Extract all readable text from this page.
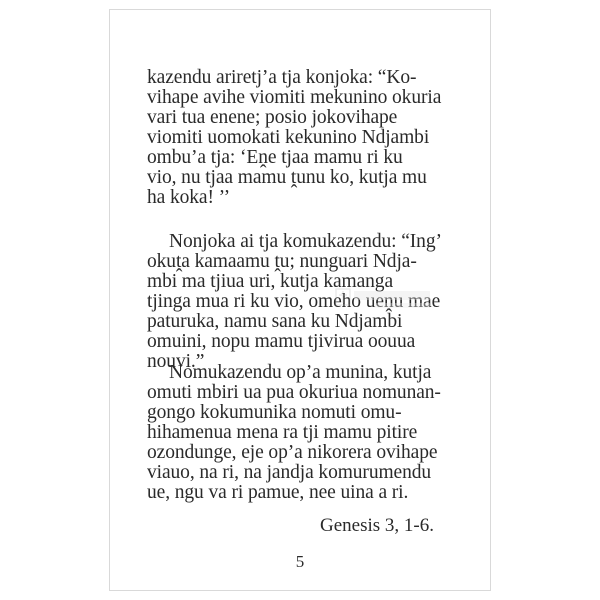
kazendu ariretj’a tja konjoka: “Ko-
vihape avihe viomiti mekunino okuria
vari tua enene; posio jokovihape
viomiti uomokati kekunino Ndjambi
ombu’a tja: ‘Eṋe tjaa mamu ri ku
vio, nu tjaa mamu ṱunu ko, kutja mu
ha koka! ’’

Nonjoka ai tja komukazendu: “Ing’
okuṱa kamaamu ṱu; nunguari Ndja-
mbi ma tjiua uri, kutja kamanga
tjinga mua ri ku vio, omeho ueṋu mae
paturuka, namu sana ku Ndjambi
omuini, nopu mamu tjivirua oouua
nouvi.”

Nomukazendu op’a munina, kutja
omuti mbiri ua pua okuriua nomunan-
gongo kokumunika nomuti omu-
hihamenua mena ra tji mamu pitire
ozondunge, eje op’a nikorera ovihape
viauo, na ri, na jandja komurumendu
ue, ngu va ri pamue, nee uina a ri.

Genesis 3, 1-6.
5
